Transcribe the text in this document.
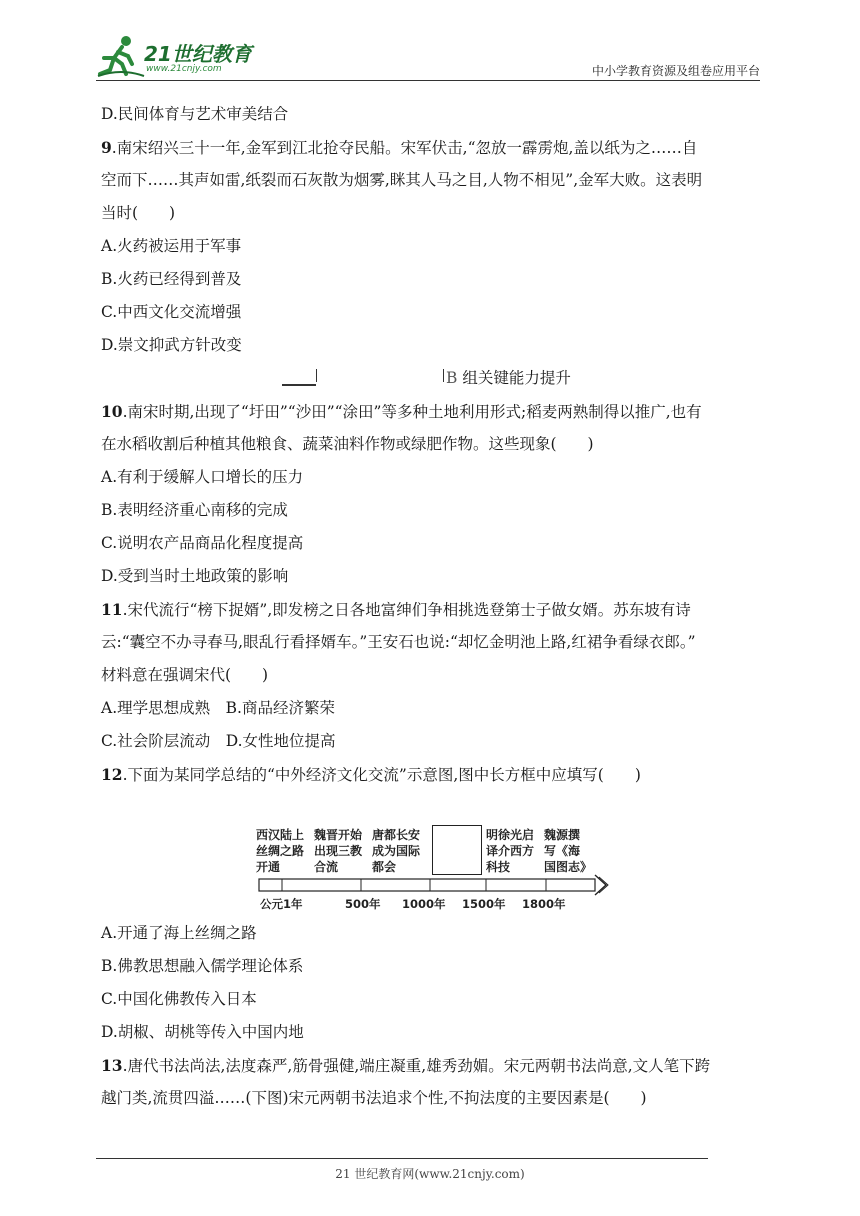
21世纪教育
www.21cnjy.com	中小学教育资源及组卷应用平台
D.民间体育与艺术审美结合
9.南宋绍兴三十一年,金军到江北抢夺民船。宋军伏击,“忽放一霹雳炮,盖以纸为之……自
空而下……其声如雷,纸裂而石灰散为烟雾,眯其人马之目,人物不相见”,金军大败。这表明
当时(　　)
A.火药被运用于军事
B.火药已经得到普及
C.中西文化交流增强
D.崇文抑武方针改变
B 组关键能力提升
10.南宋时期,出现了“圩田”“沙田”“涂田”等多种土地利用形式;稻麦两熟制得以推广,也有
在水稻收割后种植其他粮食、蔬菜油料作物或绿肥作物。这些现象(　　)
A.有利于缓解人口增长的压力
B.表明经济重心南移的完成
C.说明农产品商品化程度提高
D.受到当时土地政策的影响
11.宋代流行“榜下捉婿”,即发榜之日各地富绅们争相挑选登第士子做女婿。苏东坡有诗
云:“囊空不办寻春马,眼乱行看择婿车。”王安石也说:“却忆金明池上路,红裙争看绿衣郎。”
材料意在强调宋代(　　)
A.理学思想成熟　B.商品经济繁荣
C.社会阶层流动　D.女性地位提高
12.下面为某同学总结的“中外经济文化交流”示意图,图中长方框中应填写(　　)
A.开通了海上丝绸之路
B.佛教思想融入儒学理论体系
C.中国化佛教传入日本
D.胡椒、胡桃等传入中国内地
13.唐代书法尚法,法度森严,筋骨强健,端庄凝重,雄秀劲媚。宋元两朝书法尚意,文人笔下跨
越门类,流贯四溢……(下图)宋元两朝书法追求个性,不拘法度的主要因素是(　　)
西汉陆上
丝绸之路
开通
魏晋开始
出现三教
合流
唐都长安
成为国际
都会
明徐光启
译介西方
科技
魏源撰
写《海
国图志》
公元1年	500年 1000年 1500年 1800年
21 世纪教育网(www.21cnjy.com)
